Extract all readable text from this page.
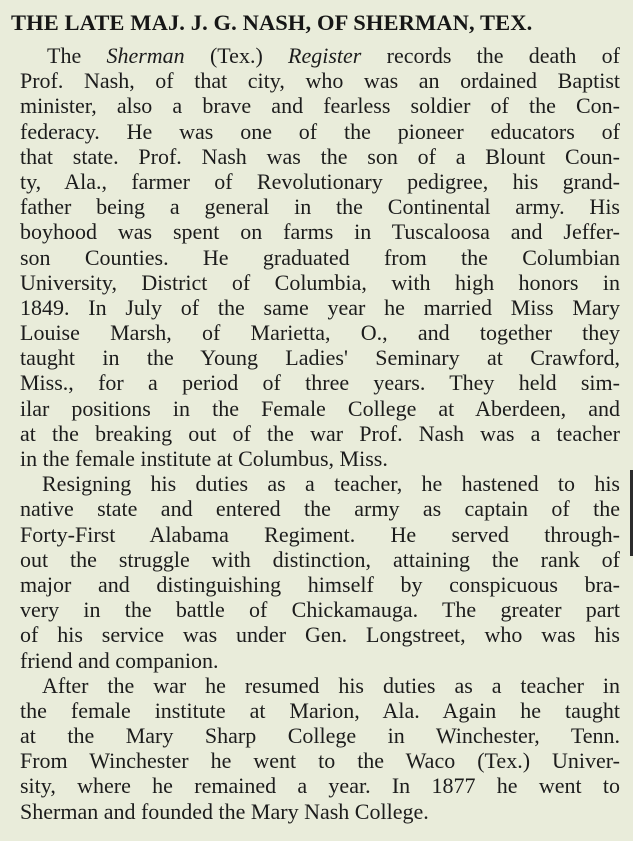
THE LATE MAJ. J. G. NASH, OF SHERMAN, TEX.
The Sherman (Tex.) Register records the death of
Prof. Nash, of that city, who was an ordained Baptist
minister, also a brave and fearless soldier of the Con-
federacy. He was one of the pioneer educators of
that state. Prof. Nash was the son of a Blount Coun-
ty, Ala., farmer of Revolutionary pedigree, his grand-
father being a general in the Continental army. His
boyhood was spent on farms in Tuscaloosa and Jeffer-
son Counties. He graduated from the Columbian
University, District of Columbia, with high honors in
1849. In July of the same year he married Miss Mary
Louise Marsh, of Marietta, O., and together they
taught in the Young Ladies' Seminary at Crawford,
Miss., for a period of three years. They held sim-
ilar positions in the Female College at Aberdeen, and
at the breaking out of the war Prof. Nash was a teacher
in the female institute at Columbus, Miss.
Resigning his duties as a teacher, he hastened to his
native state and entered the army as captain of the
Forty-First Alabama Regiment. He served through-
out the struggle with distinction, attaining the rank of
major and distinguishing himself by conspicuous bra-
very in the battle of Chickamauga. The greater part
of his service was under Gen. Longstreet, who was his
friend and companion.
After the war he resumed his duties as a teacher in
the female institute at Marion, Ala. Again he taught
at the Mary Sharp College in Winchester, Tenn.
From Winchester he went to the Waco (Tex.) Univer-
sity, where he remained a year. In 1877 he went to
Sherman and founded the Mary Nash College.
